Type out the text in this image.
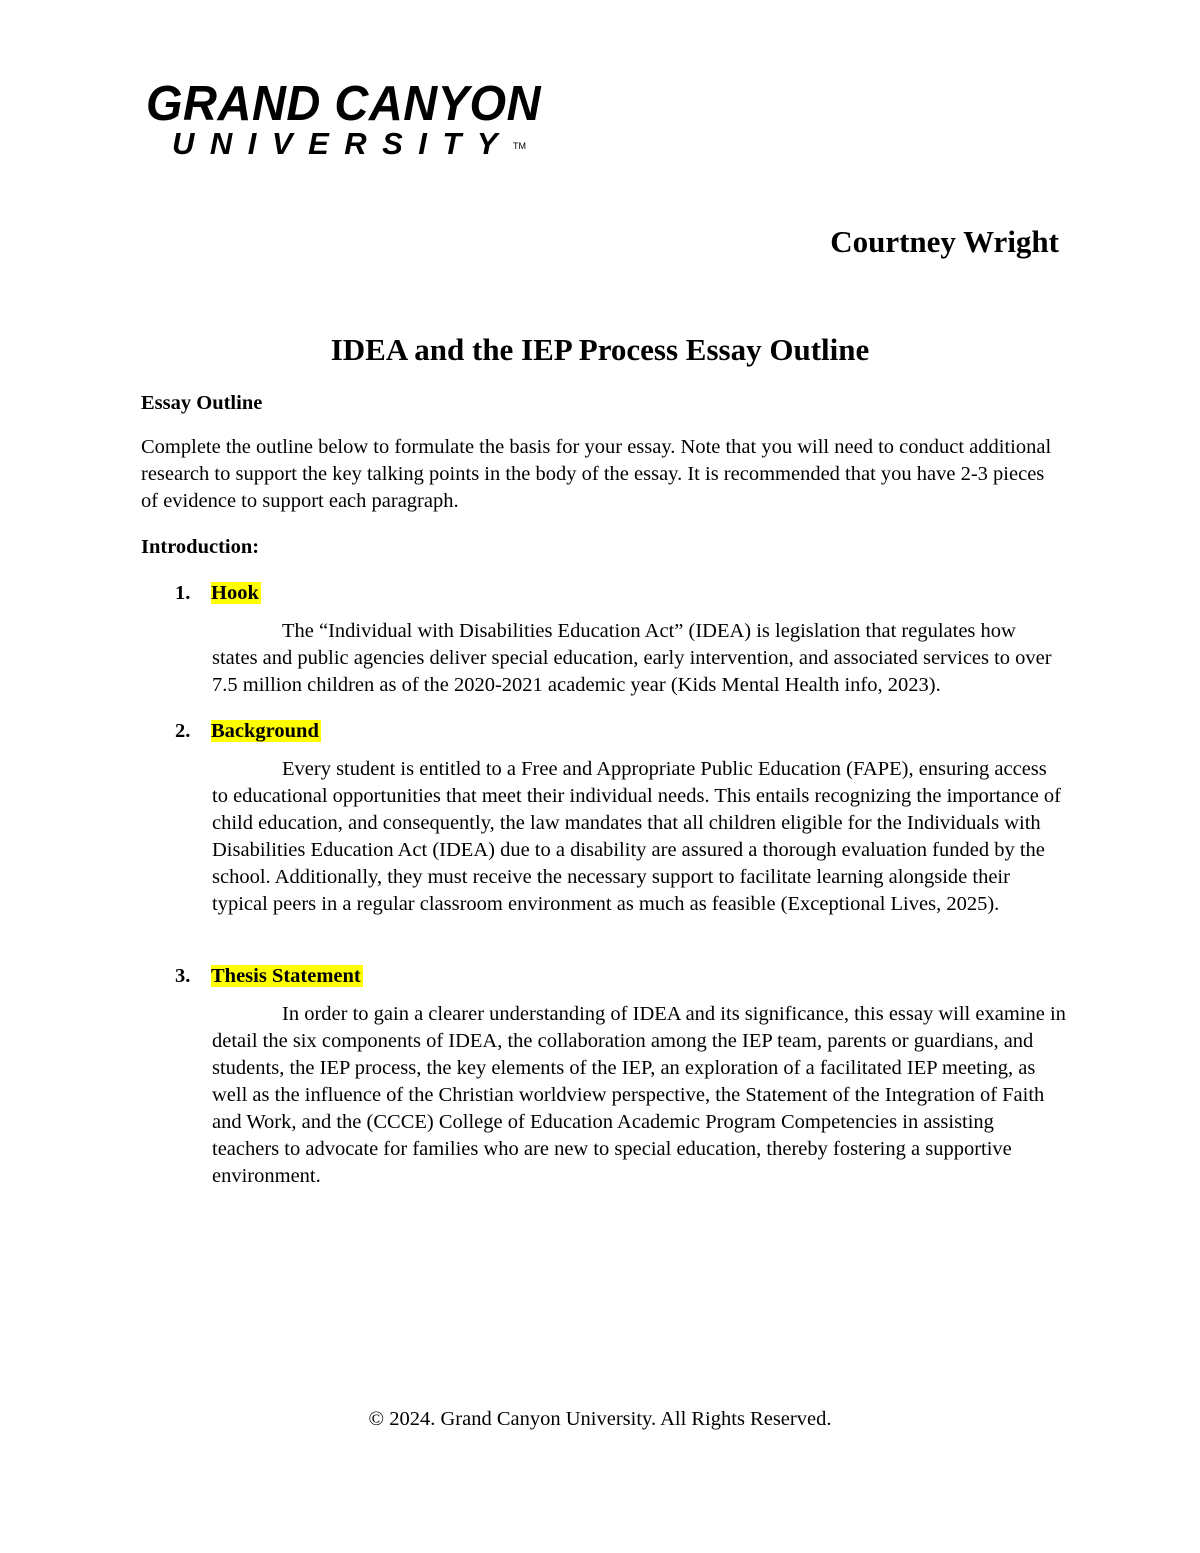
GRAND CANYON
UNIVERSITY TM
Courtney Wright
IDEA and the IEP Process Essay Outline

Essay Outline

Complete the outline below to formulate the basis for your essay. Note that you will need to conduct additional research to support the key talking points in the body of the essay. It is recommended that you have 2-3 pieces of evidence to support each paragraph.

Introduction:

1. Hook
The “Individual with Disabilities Education Act” (IDEA) is legislation that regulates how states and public agencies deliver special education, early intervention, and associated services to over 7.5 million children as of the 2020-2021 academic year (Kids Mental Health info, 2023).
2. Background
Every student is entitled to a Free and Appropriate Public Education (FAPE), ensuring access to educational opportunities that meet their individual needs. This entails recognizing the importance of child education, and consequently, the law mandates that all children eligible for the Individuals with Disabilities Education Act (IDEA) due to a disability are assured a thorough evaluation funded by the school. Additionally, they must receive the necessary support to facilitate learning alongside their typical peers in a regular classroom environment as much as feasible (Exceptional Lives, 2025).
3. Thesis Statement
In order to gain a clearer understanding of IDEA and its significance, this essay will examine in detail the six components of IDEA, the collaboration among the IEP team, parents or guardians, and students, the IEP process, the key elements of the IEP, an exploration of a facilitated IEP meeting, as well as the influence of the Christian worldview perspective, the Statement of the Integration of Faith and Work, and the (CCCE) College of Education Academic Program Competencies in assisting teachers to advocate for families who are new to special education, thereby fostering a supportive environment.
© 2024. Grand Canyon University. All Rights Reserved.
